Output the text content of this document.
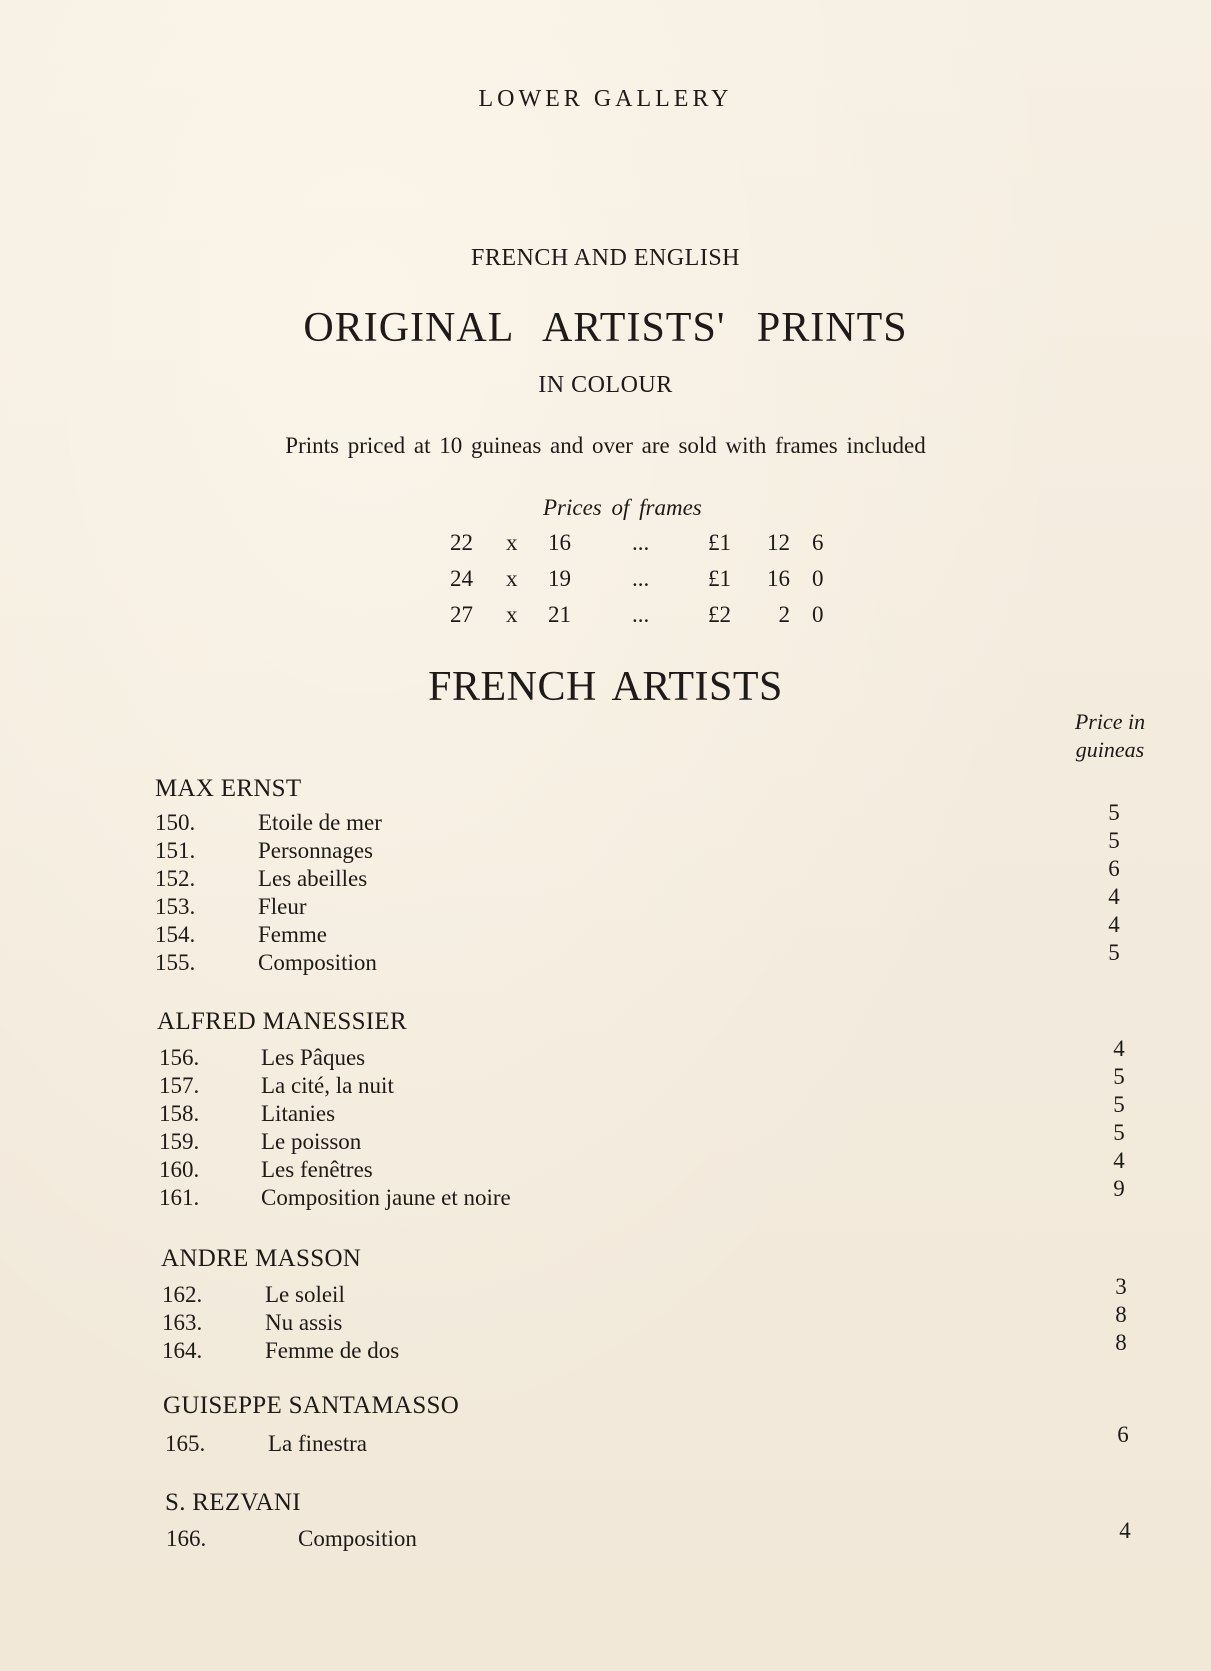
LOWER GALLERY
FRENCH AND ENGLISH
ORIGINAL ARTISTS' PRINTS
IN COLOUR
Prints priced at 10 guineas and over are sold with frames included
Prices of frames
22 x 16	...	£1	12 6
24 x 19	...	£1	16 0
27 x 21	...	£2	2 0
FRENCH ARTISTS
Price in
guineas
MAX ERNST
150.	Etoile de mer	5
151.	Personnages	5
152.	Les abeilles	6
153.	Fleur	4
154.	Femme	4
155.	Composition	5
ALFRED MANESSIER
156.	Les Pâques	4
157.	La cité, la nuit	5
158.	Litanies	5
159.	Le poisson	5
160.	Les fenêtres	4
161.	Composition jaune et noire	9
ANDRE MASSON
162.	Le soleil	3
163.	Nu assis	8
164.	Femme de dos	8
GUISEPPE SANTAMASSO
165.	La finestra	6
S. REZVANI
166.	Composition	4
